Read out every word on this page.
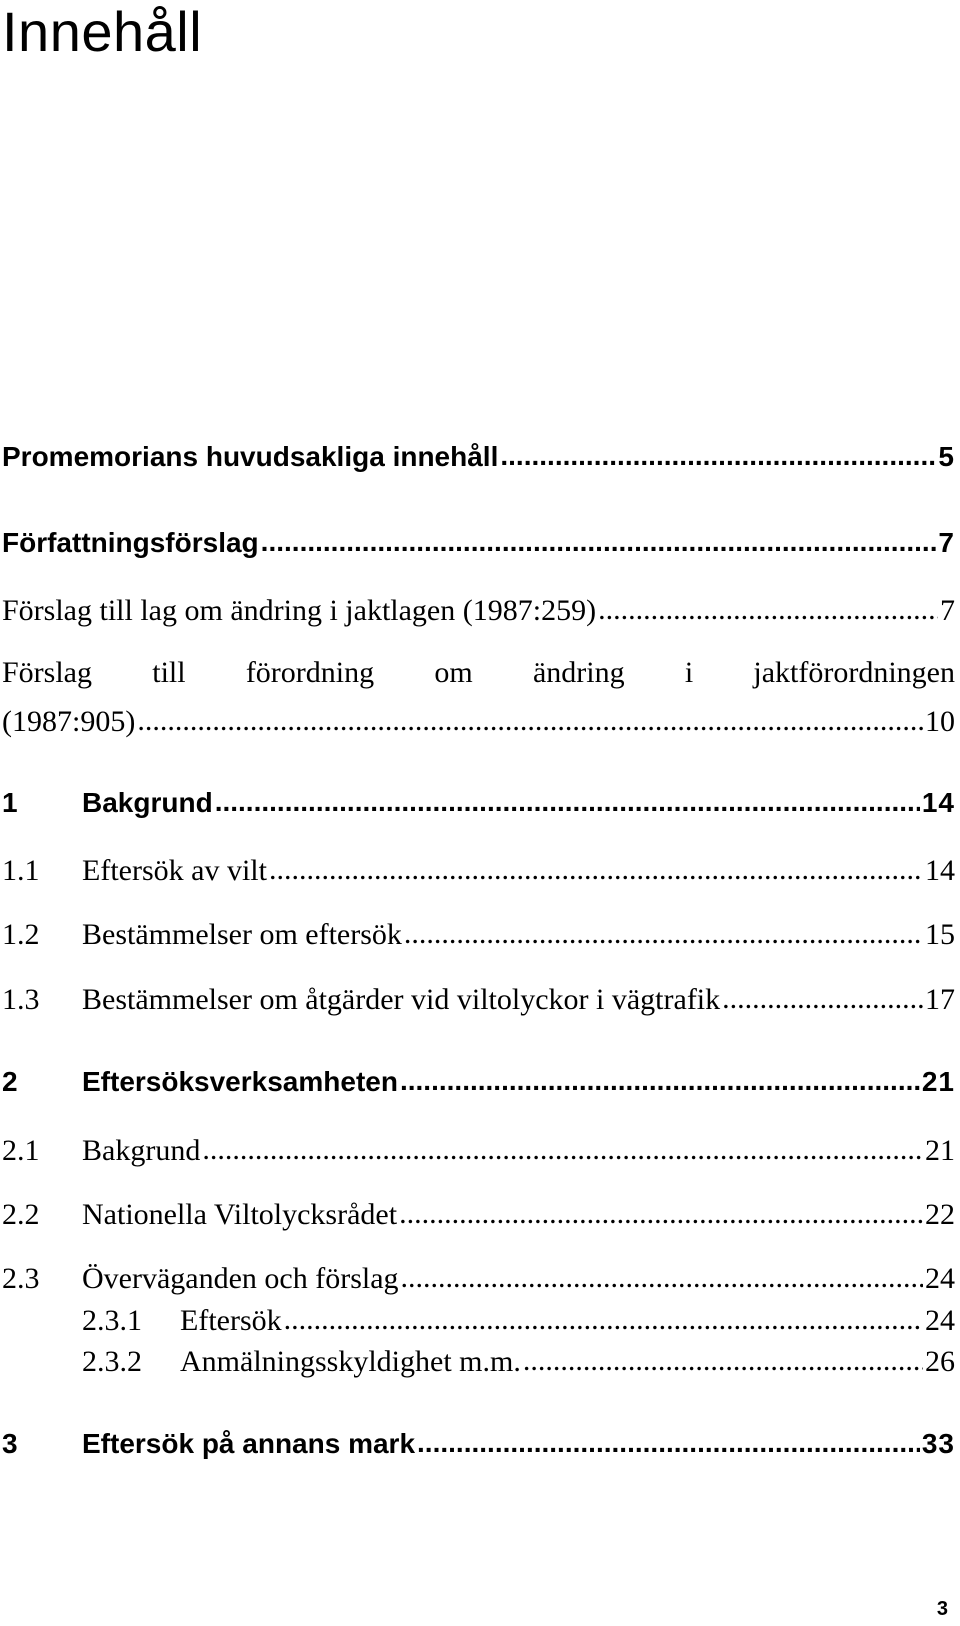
Innehåll
Promemorians huvudsakliga innehåll .....	5
Författningsförslag .....	7
Förslag till lag om ändring i jaktlagen (1987:259) .....	7
Förslag till förordning om ändring i jaktförordningen
(1987:905) .....	10
1	Bakgrund .....	14
1.1	Eftersök av vilt .....	14
1.2	Bestämmelser om eftersök .....	15
1.3	Bestämmelser om åtgärder vid viltolyckor i vägtrafik .....	17
2	Eftersöksverksamheten .....	21
2.1	Bakgrund .....	21
2.2	Nationella Viltolycksrådet .....	22
2.3	Överväganden och förslag .....	24
2.3.1	Eftersök .....	24
2.3.2	Anmälningsskyldighet m.m. .....	26
3	Eftersök på annans mark .....	33
3
